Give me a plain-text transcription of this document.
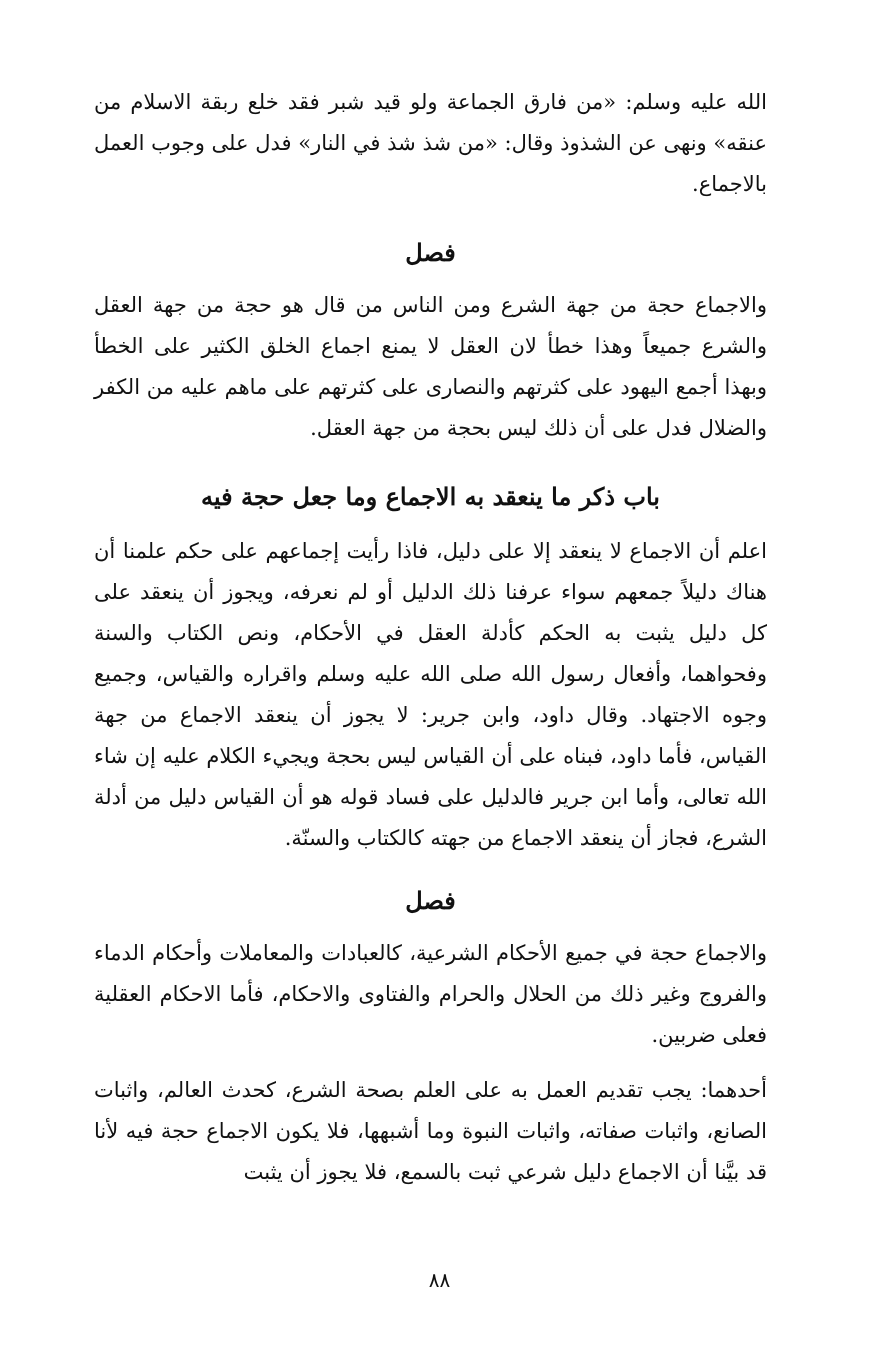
الله عليه وسلم: «من فارق الجماعة ولو قيد شبر فقد خلع ربقة الاسلام من عنقه» ونهى عن الشذوذ وقال: «من شذ شذ في النار» فدل على وجوب العمل بالاجماع.

فصل

والاجماع حجة من جهة الشرع ومن الناس من قال هو حجة من جهة العقل والشرع جميعاً وهذا خطأ لان العقل لا يمنع اجماع الخلق الكثير على الخطأ وبهذا أجمع اليهود على كثرتهم والنصارى على كثرتهم على ماهم عليه من الكفر والضلال فدل على أن ذلك ليس بحجة من جهة العقل.

باب ذكر ما ينعقد به الاجماع وما جعل حجة فيه

اعلم أن الاجماع لا ينعقد إلا على دليل، فاذا رأيت إجماعهم على حكم علمنا أن هناك دليلاً جمعهم سواء عرفنا ذلك الدليل أو لم نعرفه، ويجوز أن ينعقد على كل دليل يثبت به الحكم كأدلة العقل في الأحكام، ونص الكتاب والسنة وفحواهما، وأفعال رسول الله صلى الله عليه وسلم واقراره والقياس، وجميع وجوه الاجتهاد. وقال داود، وابن جرير: لا يجوز أن ينعقد الاجماع من جهة القياس، فأما داود، فبناه على أن القياس ليس بحجة ويجيء الكلام عليه إن شاء الله تعالى، وأما ابن جرير فالدليل على فساد قوله هو أن القياس دليل من أدلة الشرع، فجاز أن ينعقد الاجماع من جهته كالكتاب والسنّة.

فصل

والاجماع حجة في جميع الأحكام الشرعية، كالعبادات والمعاملات وأحكام الدماء والفروج وغير ذلك من الحلال والحرام والفتاوى والاحكام، فأما الاحكام العقلية فعلى ضربين.

أحدهما: يجب تقديم العمل به على العلم بصحة الشرع، كحدث العالم، واثبات الصانع، واثبات صفاته، واثبات النبوة وما أشبهها، فلا يكون الاجماع حجة فيه لأنا قد بيَّنا أن الاجماع دليل شرعي ثبت بالسمع، فلا يجوز أن يثبت

٨٨
